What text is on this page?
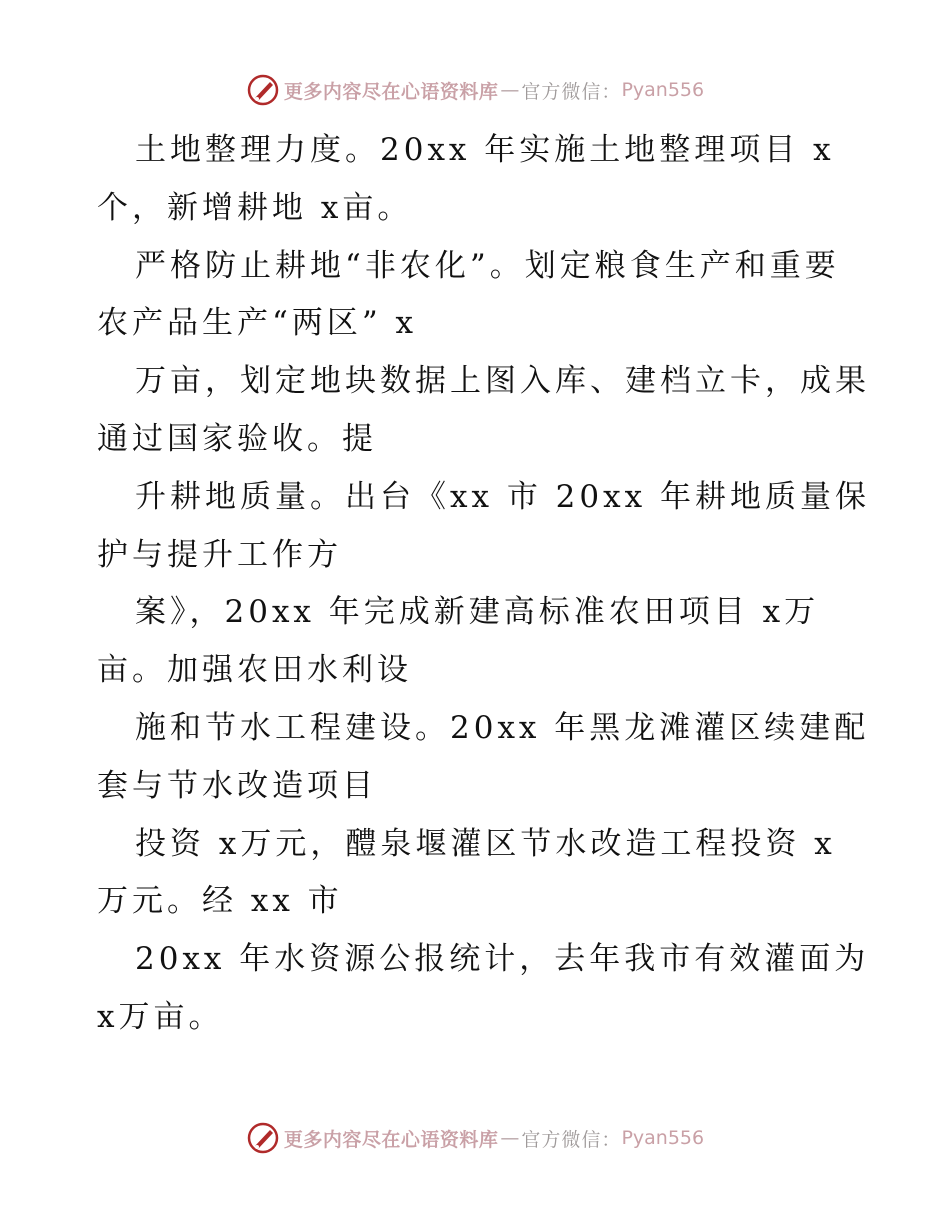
更多内容尽在心语资料库 — 官方微信： Pyan556
土地整理力度。20xx 年实施土地整理项目 x
个，新增耕地 x亩。
严格防止耕地“非农化”。划定粮食生产和重要
农产品生产“两区” x
万亩，划定地块数据上图入库、建档立卡，成果
通过国家验收。提
升耕地质量。出台《xx 市 20xx 年耕地质量保
护与提升工作方
案》，20xx 年完成新建高标准农田项目 x万
亩。加强农田水利设
施和节水工程建设。20xx 年黑龙滩灌区续建配
套与节水改造项目
投资 x万元，醴泉堰灌区节水改造工程投资 x
万元。经 xx 市
20xx 年水资源公报统计，去年我市有效灌面为
x万亩。
更多内容尽在心语资料库 — 官方微信： Pyan556
